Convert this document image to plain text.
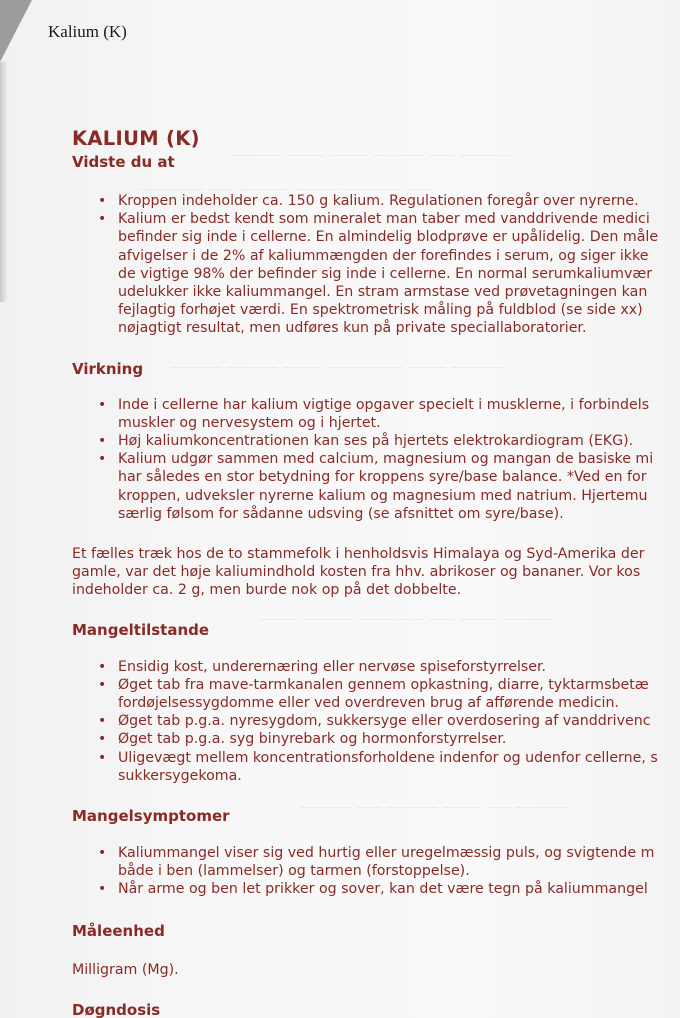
———— ——— ——— ———— —— ————
————— —— ———— ——— ————— ——
———— ———— ——— —————— ——— ————
——— ———— ————— —— ——— ————
———— —— ———— ——— —— ————
Kalium (K)
KALIUM (K)
Vidste du at
• Kroppen indeholder ca. 150 g kalium. Regulationen foregår over nyrerne.
• Kalium er bedst kendt som mineralet man taber med vanddrivende medici
befinder sig inde i cellerne. En almindelig blodprøve er upålidelig. Den måle
afvigelser i de 2% af kaliummængden der forefindes i serum, og siger ikke
de vigtige 98% der befinder sig inde i cellerne. En normal serumkaliumvær
udelukker ikke kaliummangel. En stram armstase ved prøvetagningen kan
fejlagtig forhøjet værdi. En spektrometrisk måling på fuldblod (se side xx)
nøjagtigt resultat, men udføres kun på private speciallaboratorier.
Virkning
• Inde i cellerne har kalium vigtige opgaver specielt i musklerne, i forbindels
muskler og nervesystem og i hjertet.
• Høj kaliumkoncentrationen kan ses på hjertets elektrokardiogram (EKG).
• Kalium udgør sammen med calcium, magnesium og mangan de basiske mi
har således en stor betydning for kroppens syre/base balance. *Ved en for
kroppen, udveksler nyrerne kalium og magnesium med natrium. Hjertemu
særlig følsom for sådanne udsving (se afsnittet om syre/base).
Et fælles træk hos de to stammefolk i henholdsvis Himalaya og Syd-Amerika der
gamle, var det høje kaliumindhold kosten fra hhv. abrikoser og bananer. Vor kos
indeholder ca. 2 g, men burde nok op på det dobbelte.
Mangeltilstande
• Ensidig kost, underernæring eller nervøse spiseforstyrrelser.
• Øget tab fra mave-tarmkanalen gennem opkastning, diarre, tyktarmsbetæ
fordøjelsessygdomme eller ved overdreven brug af afførende medicin.
• Øget tab p.g.a. nyresygdom, sukkersyge eller overdosering af vanddrivenc
• Øget tab p.g.a. syg binyrebark og hormonforstyrrelser.
• Uligevægt mellem koncentrationsforholdene indenfor og udenfor cellerne, s
sukkersygekoma.
Mangelsymptomer
• Kaliummangel viser sig ved hurtig eller uregelmæssig puls, og svigtende m
både i ben (lammelser) og tarmen (forstoppelse).
• Når arme og ben let prikker og sover, kan det være tegn på kaliummangel
Måleenhed
Milligram (Mg).
Døgndosis
